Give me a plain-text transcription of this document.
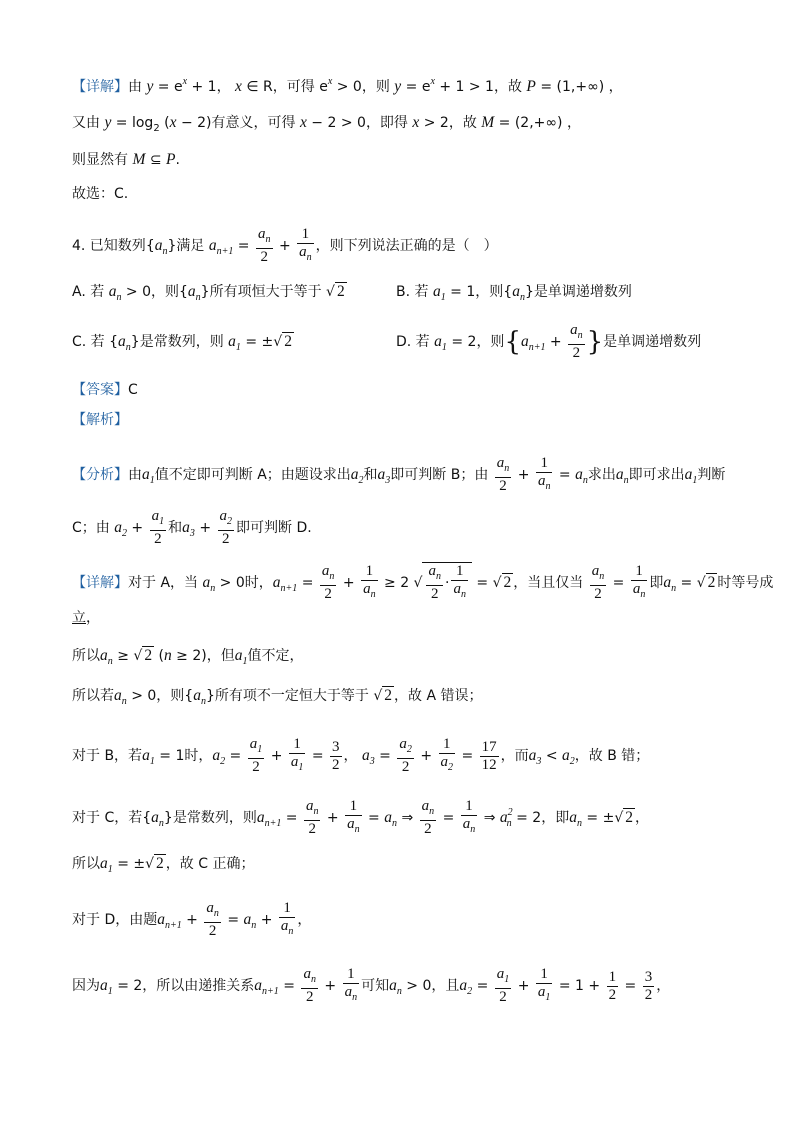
【详解】由 $y = e^x + 1$， x ∈ R，可得 $e^x > 0$，则 $y = e^x + 1 > 1$，故 P = (1,+∞) ，
又由 $y = \log_2 (x - 2)$有意义，可得 x − 2 > 0，即得 x > 2，故 M = (2,+∞) ，
则显然有 M ⊆ P.
故选：C.
4. 已知数列$\{a_n\}$满足 $a_{n+1} = \frac{a_n}{2} + \frac{1}{a_n}$ ，则下列说法正确的是（　）
A. 若 $a_n > 0$，则$\{a_n\}$所有项恒大于等于 √ 2	B. 若 $a_1 = 1$，则$\{a_n\}$是单调递增数列
C. 若 $\{a_n\}$是常数列，则 $a_1$ = ±√ 2	D. 若 $a_1 = 2$，则{$a_{n+1} + \frac{a_n}{2}$ }是单调递增数列
【答案】C
【解析】
【分析】由$a_1$值不定即可判断 A；由题设求出$a_2$和$a_3$即可判断 B；由 $\frac{a_n}{2} + \frac{1}{a_n} = a_n$求出$a_n$即可求出$a_1$判断
C；由 $a_2 + \frac{a_1}{2}$ 和$a_3 + \frac{a_2}{2}$ 即可判断 D.
【详解】对于 A，当 $a_n > 0$时，$a_{n+1} = \frac{a_n}{2} + \frac{1}{a_n} \ge 2$ √ $\frac{a_n}{2} \cdot \frac{1}{a_n}$ = √ 2 ，当且仅当 $\frac{a_n}{2} = \frac{1}{a_n}$ 即$a_n$ = √ 2 时等号成
立，
所以$a_n$ ≥ √ 2 (n ≥ 2)，但$a_1$值不定，
所以若$a_n > 0$，则$\{a_n\}$所有项不一定恒大于等于 √ 2 ，故 A 错误；
对于 B，若$a_1 = 1$时，$a_2 = \frac{a_1}{2} + \frac{1}{a_1} = \frac{3}{2}$ ， $a_3 = \frac{a_2}{2} + \frac{1}{a_2} = \frac{17}{12}$ ，而$a_3 < a_2$，故 B 错；
对于 C，若$\{a_n\}$是常数列，则$a_{n+1} = \frac{a_n}{2} + \frac{1}{a_n} = a_n$ ⇒ $\frac{a_n}{2} = \frac{1}{a_n}$ ⇒ $a^2_n = 2$，即$a_n$ = ±√ 2 ，
所以$a_1$ = ±√ 2 ，故 C 正确；
对于 D，由题$a_{n+1} + \frac{a_n}{2} = a_n + \frac{1}{a_n}$ ，
因为$a_1 = 2$，所以由递推关系$a_{n+1} = \frac{a_n}{2} + \frac{1}{a_n}$ 可知$a_n > 0$，且$a_2 = \frac{a_1}{2} + \frac{1}{a_1} = 1 + \frac{1}{2} = \frac{3}{2}$ ，
